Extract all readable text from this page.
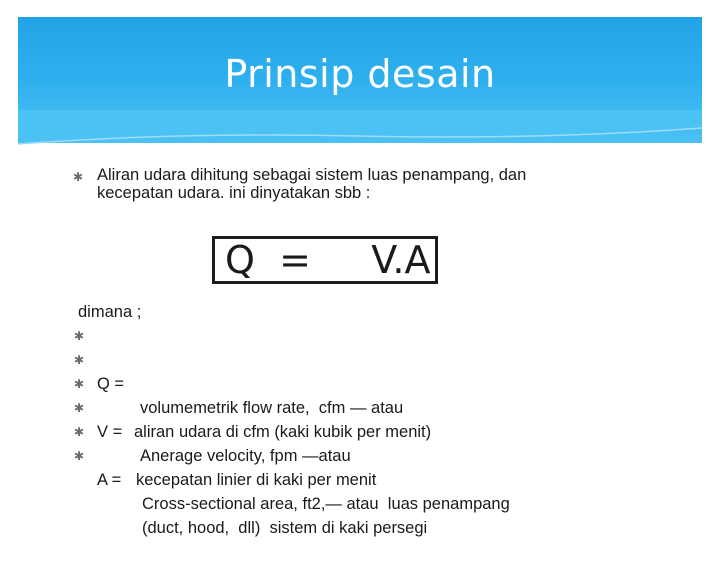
Prinsip desain
✱ Aliran udara dihitung sebagai sistem luas penampang, dan
kecepatan udara. ini dinyatakan sbb :
Q  =     V.A
dimana ;

✱

Q =

volumemetrik flow rate,  cfm — atau

✱

aliran udara di cfm (kaki kubik per menit)

✱

V =

Anerage velocity, fpm —atau

✱

kecepatan linier di kaki per menit

✱

A =

Cross-sectional area, ft2,— atau  luas penampang

✱

(duct, hood,  dll)  sistem di kaki persegi
